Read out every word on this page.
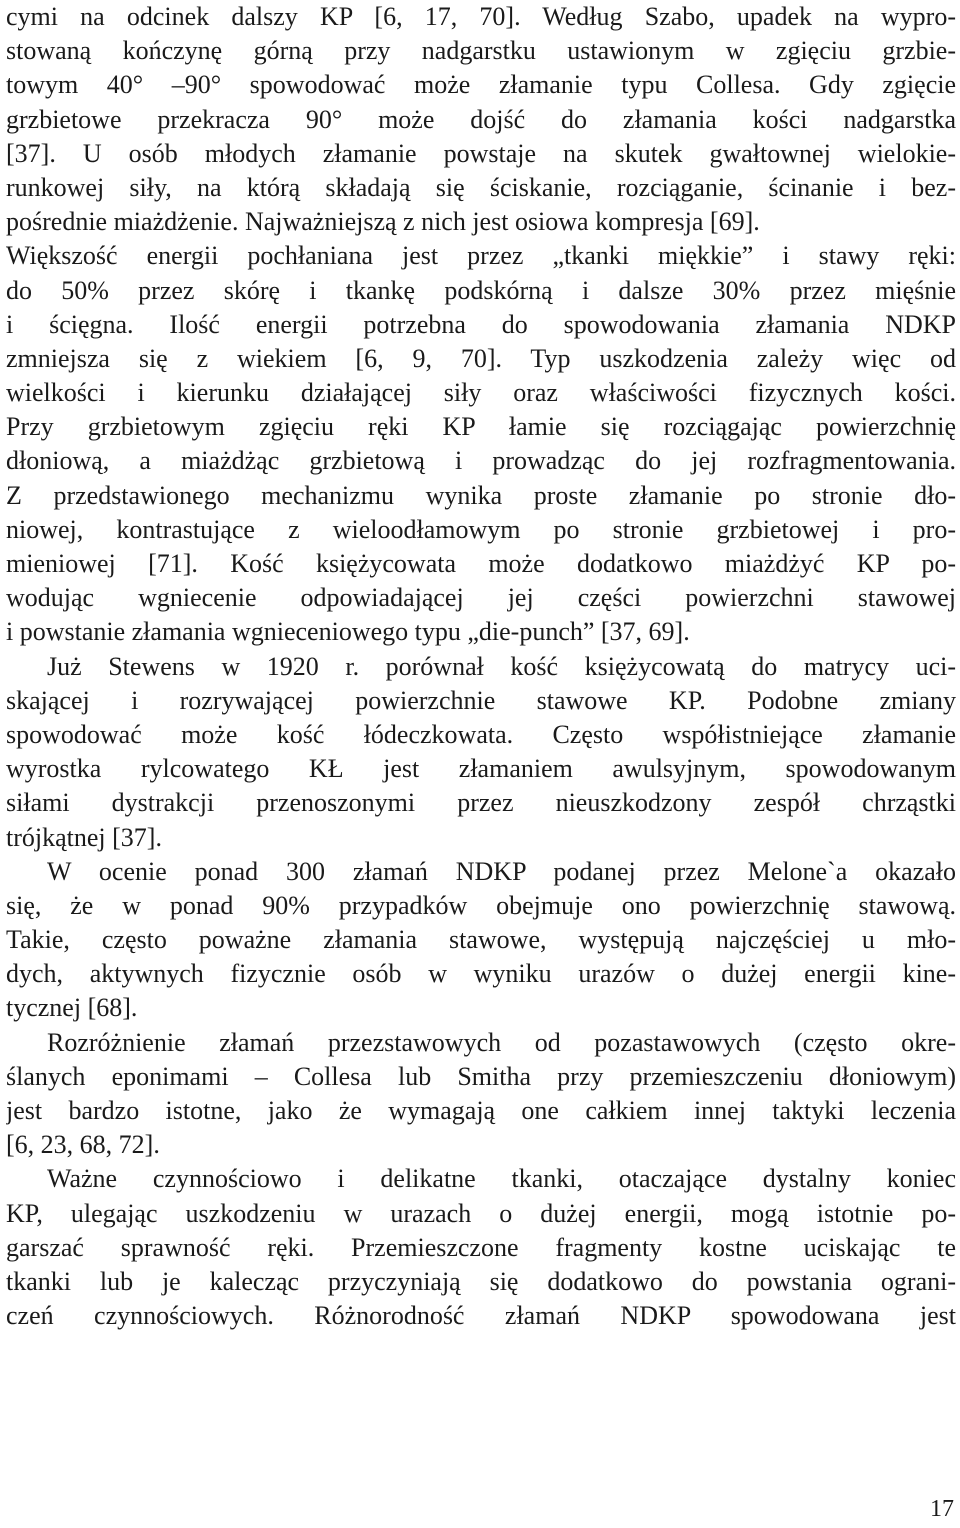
cymi na odcinek dalszy KP [6, 17, 70]. Według Szabo, upadek na wypro-
stowaną kończynę górną przy nadgarstku ustawionym w zgięciu grzbie-
towym 40° –90° spowodować może złamanie typu Collesa. Gdy zgięcie
grzbietowe przekracza 90° może dojść do złamania kości nadgarstka
[37]. U osób młodych złamanie powstaje na skutek gwałtownej wielokie-
runkowej siły, na którą składają się ściskanie, rozciąganie, ścinanie i bez-
pośrednie miażdżenie. Najważniejszą z nich jest osiowa kompresja [69].
Większość energii pochłaniana jest przez „tkanki miękkie” i stawy ręki:
do 50% przez skórę i tkankę podskórną i dalsze 30% przez mięśnie
i ścięgna. Ilość energii potrzebna do spowodowania złamania NDKP
zmniejsza się z wiekiem [6, 9, 70]. Typ uszkodzenia zależy więc od
wielkości i kierunku działającej siły oraz właściwości fizycznych kości.
Przy grzbietowym zgięciu ręki KP łamie się rozciągając powierzchnię
dłoniową, a miażdżąc grzbietową i prowadząc do jej rozfragmentowania.
Z przedstawionego mechanizmu wynika proste złamanie po stronie dło-
niowej, kontrastujące z wieloodłamowym po stronie grzbietowej i pro-
mieniowej [71]. Kość księżycowata może dodatkowo miażdżyć KP po-
wodując wgniecenie odpowiadającej jej części powierzchni stawowej
i powstanie złamania wgnieceniowego typu „die-punch” [37, 69].
Już Stewens w 1920 r. porównał kość księżycowatą do matrycy uci-
skającej i rozrywającej powierzchnie stawowe KP. Podobne zmiany
spowodować może kość łódeczkowata. Często współistniejące złamanie
wyrostka rylcowatego KŁ jest złamaniem awulsyjnym, spowodowanym
siłami dystrakcji przenoszonymi przez nieuszkodzony zespół chrząstki
trójkątnej [37].
W ocenie ponad 300 złamań NDKP podanej przez Melone`a okazało
się, że w ponad 90% przypadków obejmuje ono powierzchnię stawową.
Takie, często poważne złamania stawowe, występują najczęściej u mło-
dych, aktywnych fizycznie osób w wyniku urazów o dużej energii kine-
tycznej [68].
Rozróżnienie złamań przezstawowych od pozastawowych (często okre-
ślanych eponimami – Collesa lub Smitha przy przemieszczeniu dłoniowym)
jest bardzo istotne, jako że wymagają one całkiem innej taktyki leczenia
[6, 23, 68, 72].
Ważne czynnościowo i delikatne tkanki, otaczające dystalny koniec
KP, ulegając uszkodzeniu w urazach o dużej energii, mogą istotnie po-
garszać sprawność ręki. Przemieszczone fragmenty kostne uciskając te
tkanki lub je kalecząc przyczyniają się dodatkowo do powstania ograni-
czeń czynnościowych. Różnorodność złamań NDKP spowodowana jest
17
